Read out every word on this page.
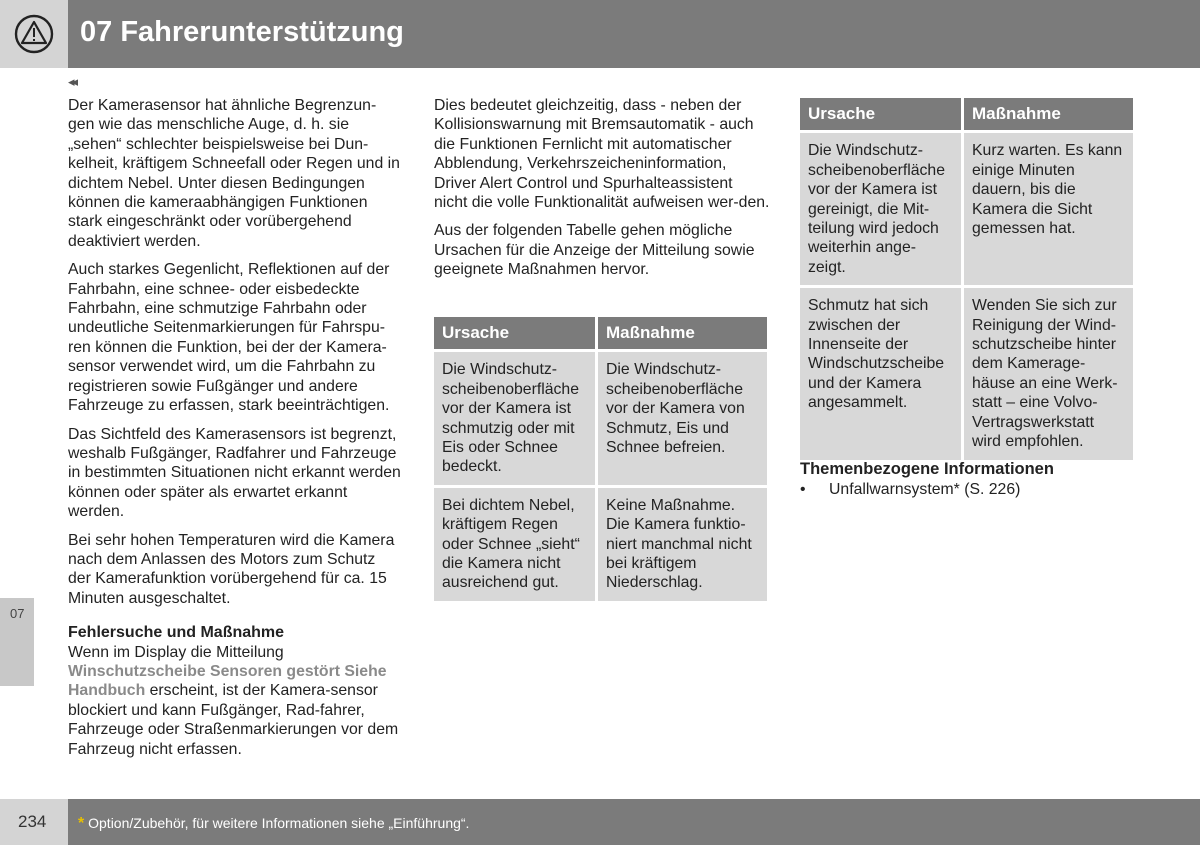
07 Fahrerunterstützung
◂◂

Der Kamerasensor hat ähnliche Begrenzun-gen wie das menschliche Auge, d. h. sie „sehen“ schlechter beispielsweise bei Dun-kelheit, kräftigem Schneefall oder Regen und in dichtem Nebel. Unter diesen Bedingungen können die kameraabhängigen Funktionen stark eingeschränkt oder vorübergehend deaktiviert werden.

Auch starkes Gegenlicht, Reflektionen auf der Fahrbahn, eine schnee- oder eisbedeckte Fahrbahn, eine schmutzige Fahrbahn oder undeutliche Seitenmarkierungen für Fahrspu-ren können die Funktion, bei der der Kamera-sensor verwendet wird, um die Fahrbahn zu registrieren sowie Fußgänger und andere Fahrzeuge zu erfassen, stark beeinträchtigen.

Das Sichtfeld des Kamerasensors ist begrenzt, weshalb Fußgänger, Radfahrer und Fahrzeuge in bestimmten Situationen nicht erkannt werden können oder später als erwartet erkannt werden.

Bei sehr hohen Temperaturen wird die Kamera nach dem Anlassen des Motors zum Schutz der Kamerafunktion vorübergehend für ca. 15 Minuten ausgeschaltet.

Fehlersuche und Maßnahme
Wenn im Display die Mitteilung
Winschutzscheibe Sensoren gestört Siehe Handbuch erscheint, ist der Kamera-sensor blockiert und kann Fußgänger, Rad-fahrer, Fahrzeuge oder Straßenmarkierungen vor dem Fahrzeug nicht erfassen.

Dies bedeutet gleichzeitig, dass - neben der Kollisionswarnung mit Bremsautomatik - auch die Funktionen Fernlicht mit automatischer Abblendung, Verkehrszeicheninformation, Driver Alert Control und Spurhalteassistent nicht die volle Funktionalität aufweisen wer-den.

Aus der folgenden Tabelle gehen mögliche Ursachen für die Anzeige der Mitteilung sowie geeignete Maßnahmen hervor.

Ursache	Maßnahme
Die Windschutz-scheibenoberfläche vor der Kamera ist schmutzig oder mit Eis oder Schnee bedeckt.	Die Windschutz-scheibenoberfläche vor der Kamera von Schmutz, Eis und Schnee befreien.
Bei dichtem Nebel, kräftigem Regen oder Schnee „sieht“ die Kamera nicht ausreichend gut.	Keine Maßnahme. Die Kamera funktio-niert manchmal nicht bei kräftigem Niederschlag.
Ursache	Maßnahme
Die Windschutz-scheibenoberfläche vor der Kamera ist gereinigt, die Mit-teilung wird jedoch weiterhin ange-zeigt.	Kurz warten. Es kann einige Minuten dauern, bis die Kamera die Sicht gemessen hat.
Schmutz hat sich zwischen der Innenseite der Windschutzscheibe und der Kamera angesammelt.	Wenden Sie sich zur Reinigung der Wind-schutzscheibe hinter dem Kamerage-häuse an eine Werk-statt – eine Volvo-Vertragswerkstatt wird empfohlen.
Themenbezogene Informationen
• Unfallwarnsystem* (S. 226)
07
234 * Option/Zubehör, für weitere Informationen siehe „Einführung“.
